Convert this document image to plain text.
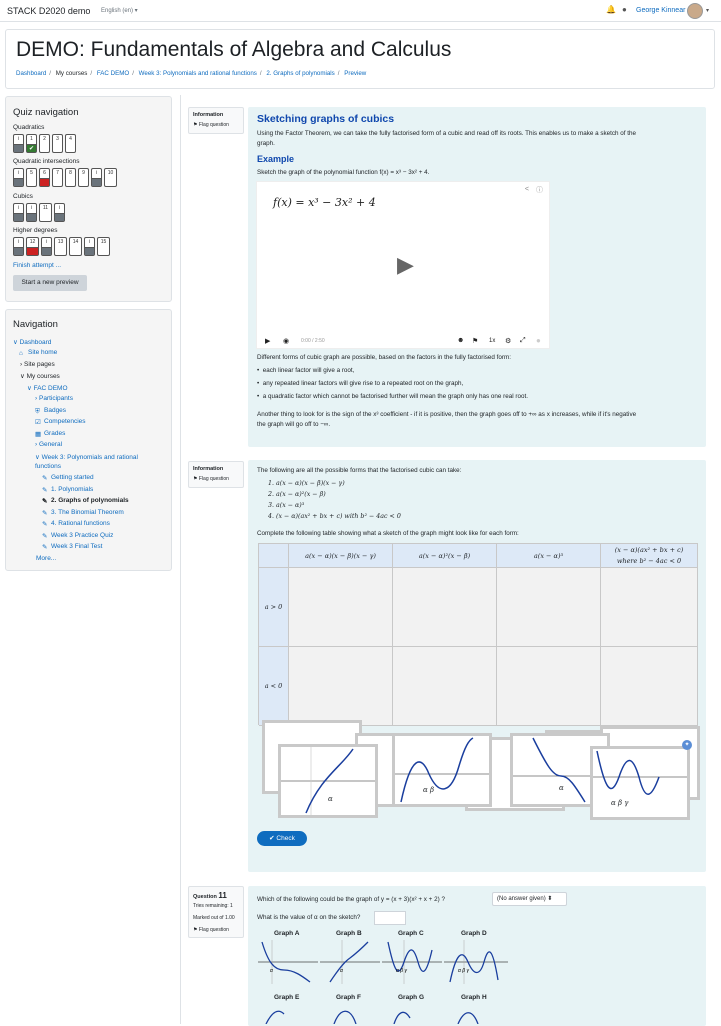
STACK D2020 demo English (en) ▾	🔔 ● George Kinnear	▾
DEMO: Fundamentals of Algebra and Calculus
Dashboard / My courses / FAC DEMO / Week 3: Polynomials and rational functions / 2. Graphs of polynomials / Preview
Quiz navigation
Quadratics
i	1
✔
2	3	4
Quadratic intersections
i	5	6	7	8	9	i	10
Cubics
i	i	11	i
Higher degrees
i	12	i	13	14	i	15
Finish attempt ...
Start a new preview
Navigation
∨ Dashboard
⌂ Site home
› Site pages
∨ My courses
∨ FAC DEMO
› Participants
⛨ Badges
☑ Competencies
▦ Grades
› General
∨ Week 3: Polynomials and rational
functions
✎ Getting started
✎ 1. Polynomials
✎ 2. Graphs of polynomials
✎ 3. The Binomial Theorem
✎ 4. Rational functions
✎ Week 3 Practice Quiz
✎ Week 3 Final Test
More...
Information
⚑ Flag question	Sketching graphs of cubics
Using the Factor Theorem, we can take the fully factorised form of a cubic and read off its roots. This enables us to make a sketch of the
graph.
Example
Sketch the graph of the polynomial function f(x) = x³ − 3x² + 4.
f(x) = x³ − 3x² + 4
< ⓘ
▶
▶ ◉ 0:00 / 2:50	☻ ⚑ 1x ⚙ ⤢ ●
Different forms of cubic graph are possible, based on the factors in the fully factorised form:
•  each linear factor will give a root,
•  any repeated linear factors will give rise to a repeated root on the graph,
•  a quadratic factor which cannot be factorised further will mean the graph only has one real root.
Another thing to look for is the sign of the x³ coefficient - if it is positive, then the graph goes off to +∞ as x increases, while if it's negative
the graph will go off to −∞.
Information
⚑ Flag question
The following are all the possible forms that the factorised cubic can take:
1. a(x − α)(x − β)(x − γ)
2. a(x − α)²(x − β)
3. a(x − α)³
4. (x − α)(ax² + bx + c) with b² − 4ac < 0
Complete the following table showing what a sketch of the graph might look like for each form:
a(x − α)(x − β)(x − γ)	a(x − α)²(x − β)	a(x − α)³
(x − α)(ax² + bx + c)
where b² − 4ac < 0
a > 0
a < 0
α
α β	α
α β γ
✦
✔ Check
Question 11
Tries remaining: 1
Marked out of 1.00
⚑ Flag question
Which of the following could be the graph of y = (x + 3)(x² + x + 2) ?	(No answer given) ⬍
What is the value of α on the sketch?
Graph A	Graph B	Graph C	Graph D
α	α	α β γ	α β γ
Graph E	Graph F	Graph G	Graph H
